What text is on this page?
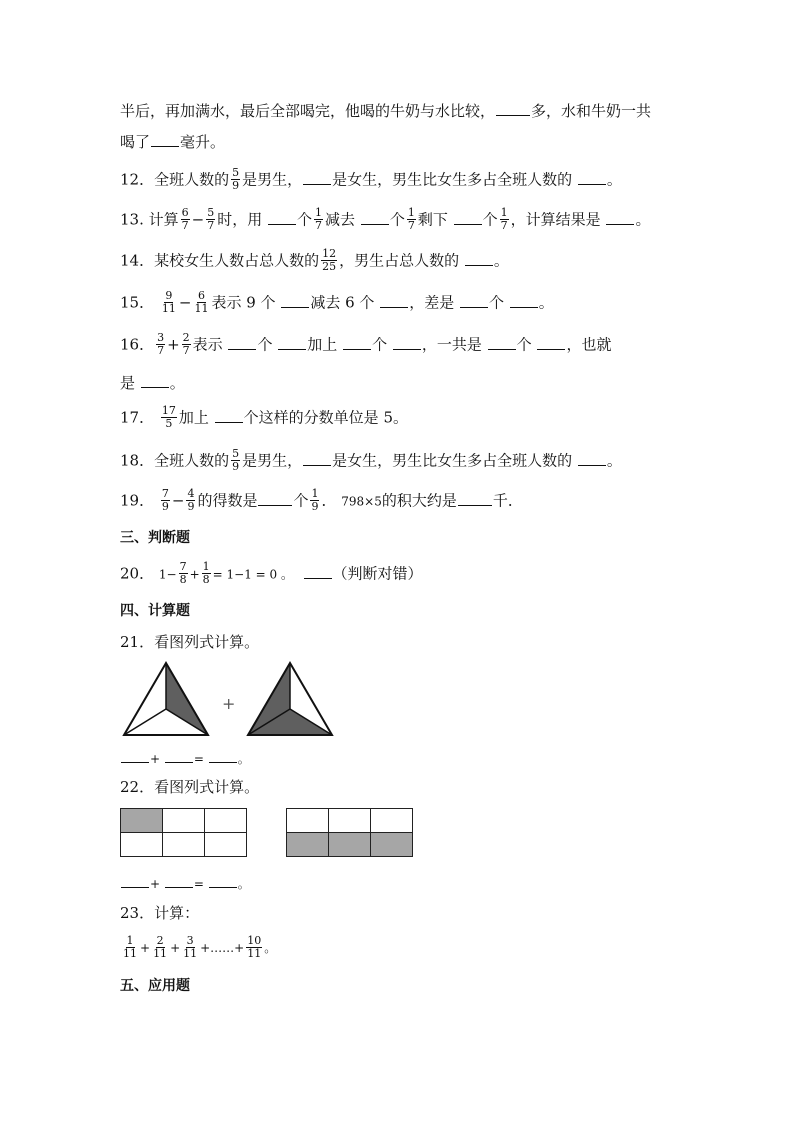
半后，再加满水，最后全部喝完，他喝的牛奶与水比较， 多，水和牛奶一共
喝了 毫升。
12．全班人数的 $\frac{5}{9}$ 是男生， 是女生，男生比女生多占全班人数的 。
13. 计算 $\frac{6}{7} - \frac{5}{7}$ 时，用 个 $\frac{1}{7}$ 减去 个 $\frac{1}{7}$ 剩下 个 $\frac{1}{7}$ ，计算结果是 。
14．某校女生人数占总人数的 $\frac{12}{25}$ ，男生占总人数的 。
15． $\frac{9}{11} - \frac{6}{11}$ 表示 9 个 减去 6 个 ，差是 个 。
16． $\frac{3}{7} + \frac{2}{7}$ 表示 个 加上 个 ，一共是 个 ，也就
是 。
17． $\frac{17}{5}$ 加上 个这样的分数单位是 5。
18．全班人数的 $\frac{5}{9}$ 是男生， 是女生，男生比女生多占全班人数的 。
19． $\frac{7}{9} - \frac{4}{9}$ 的得数是 个 $\frac{1}{9}$ ． 798×5的积大约是 千．
三、判断题
20． $1- \frac{7}{8} + \frac{1}{8} = 1-1 = 0$ 。	（判断对错）
四、计算题
21．看图列式计算。
+
+	=	。
22．看图列式计算。
+	=	。
23．计算：
$\frac{1}{11} + \frac{2}{11} + \frac{3}{11}$ +……+ $\frac{10}{11}$ 。
五、应用题
